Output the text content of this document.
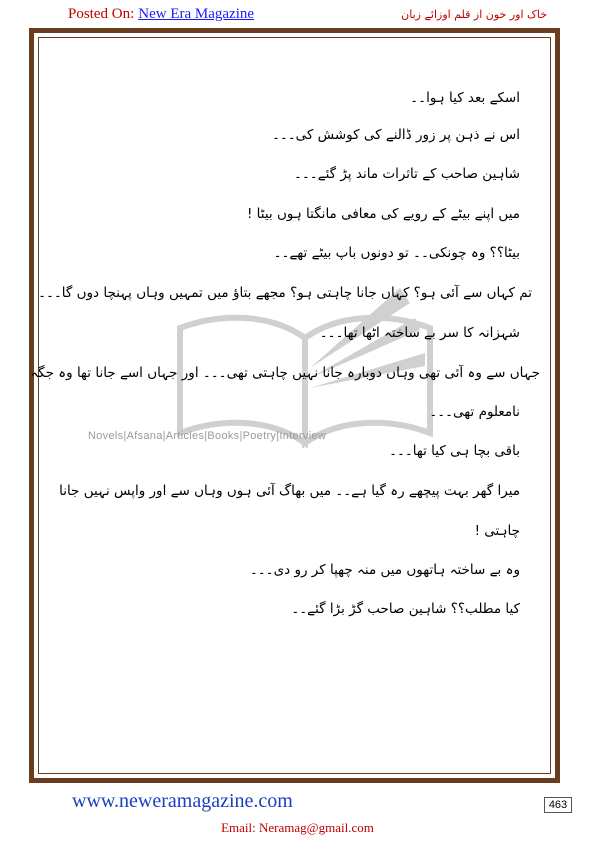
Posted On: New Era Magazine	خاک اور خون از قلم اوزائے زبان
Novels|Afsana|Articles|Books|Poetry|Interview
اسکے بعد کیا ہوا۔۔
اس نے ذہن پر زور ڈالنے کی کوشش کی۔۔۔
شاہین صاحب کے تاثرات ماند پڑ گئے۔۔۔
میں اپنے بیٹے کے رویے کی معافی مانگتا ہوں بیٹا !
بیٹا؟؟ وہ چونکی۔۔ تو دونوں باپ بیٹے تھے۔۔
تم کہاں سے آئی ہو؟ کہاں جانا چاہتی ہو؟ مجھے بتاؤ میں تمہیں وہاں پہنچا دوں گا۔۔۔
شہزانہ کا سر بے ساختہ اٹھا تھا۔۔۔
جہاں سے وہ آئی تھی وہاں دوبارہ جانا نہیں چاہتی تھی۔۔۔ اور جہاں اسے جانا تھا وہ جگہ
نامعلوم تھی۔۔۔
باقی بچا ہی کیا تھا۔۔۔
میرا گھر بہت پیچھے رہ گیا ہے۔۔ میں بھاگ آئی ہوں وہاں سے اور واپس نہیں جانا
چاہتی !
وہ بے ساختہ ہاتھوں میں منہ چھپا کر رو دی۔۔۔
کیا مطلب؟؟ شاہین صاحب گڑ بڑا گئے۔۔
www.neweramagazine.com	463
Email: Neramag@gmail.com
